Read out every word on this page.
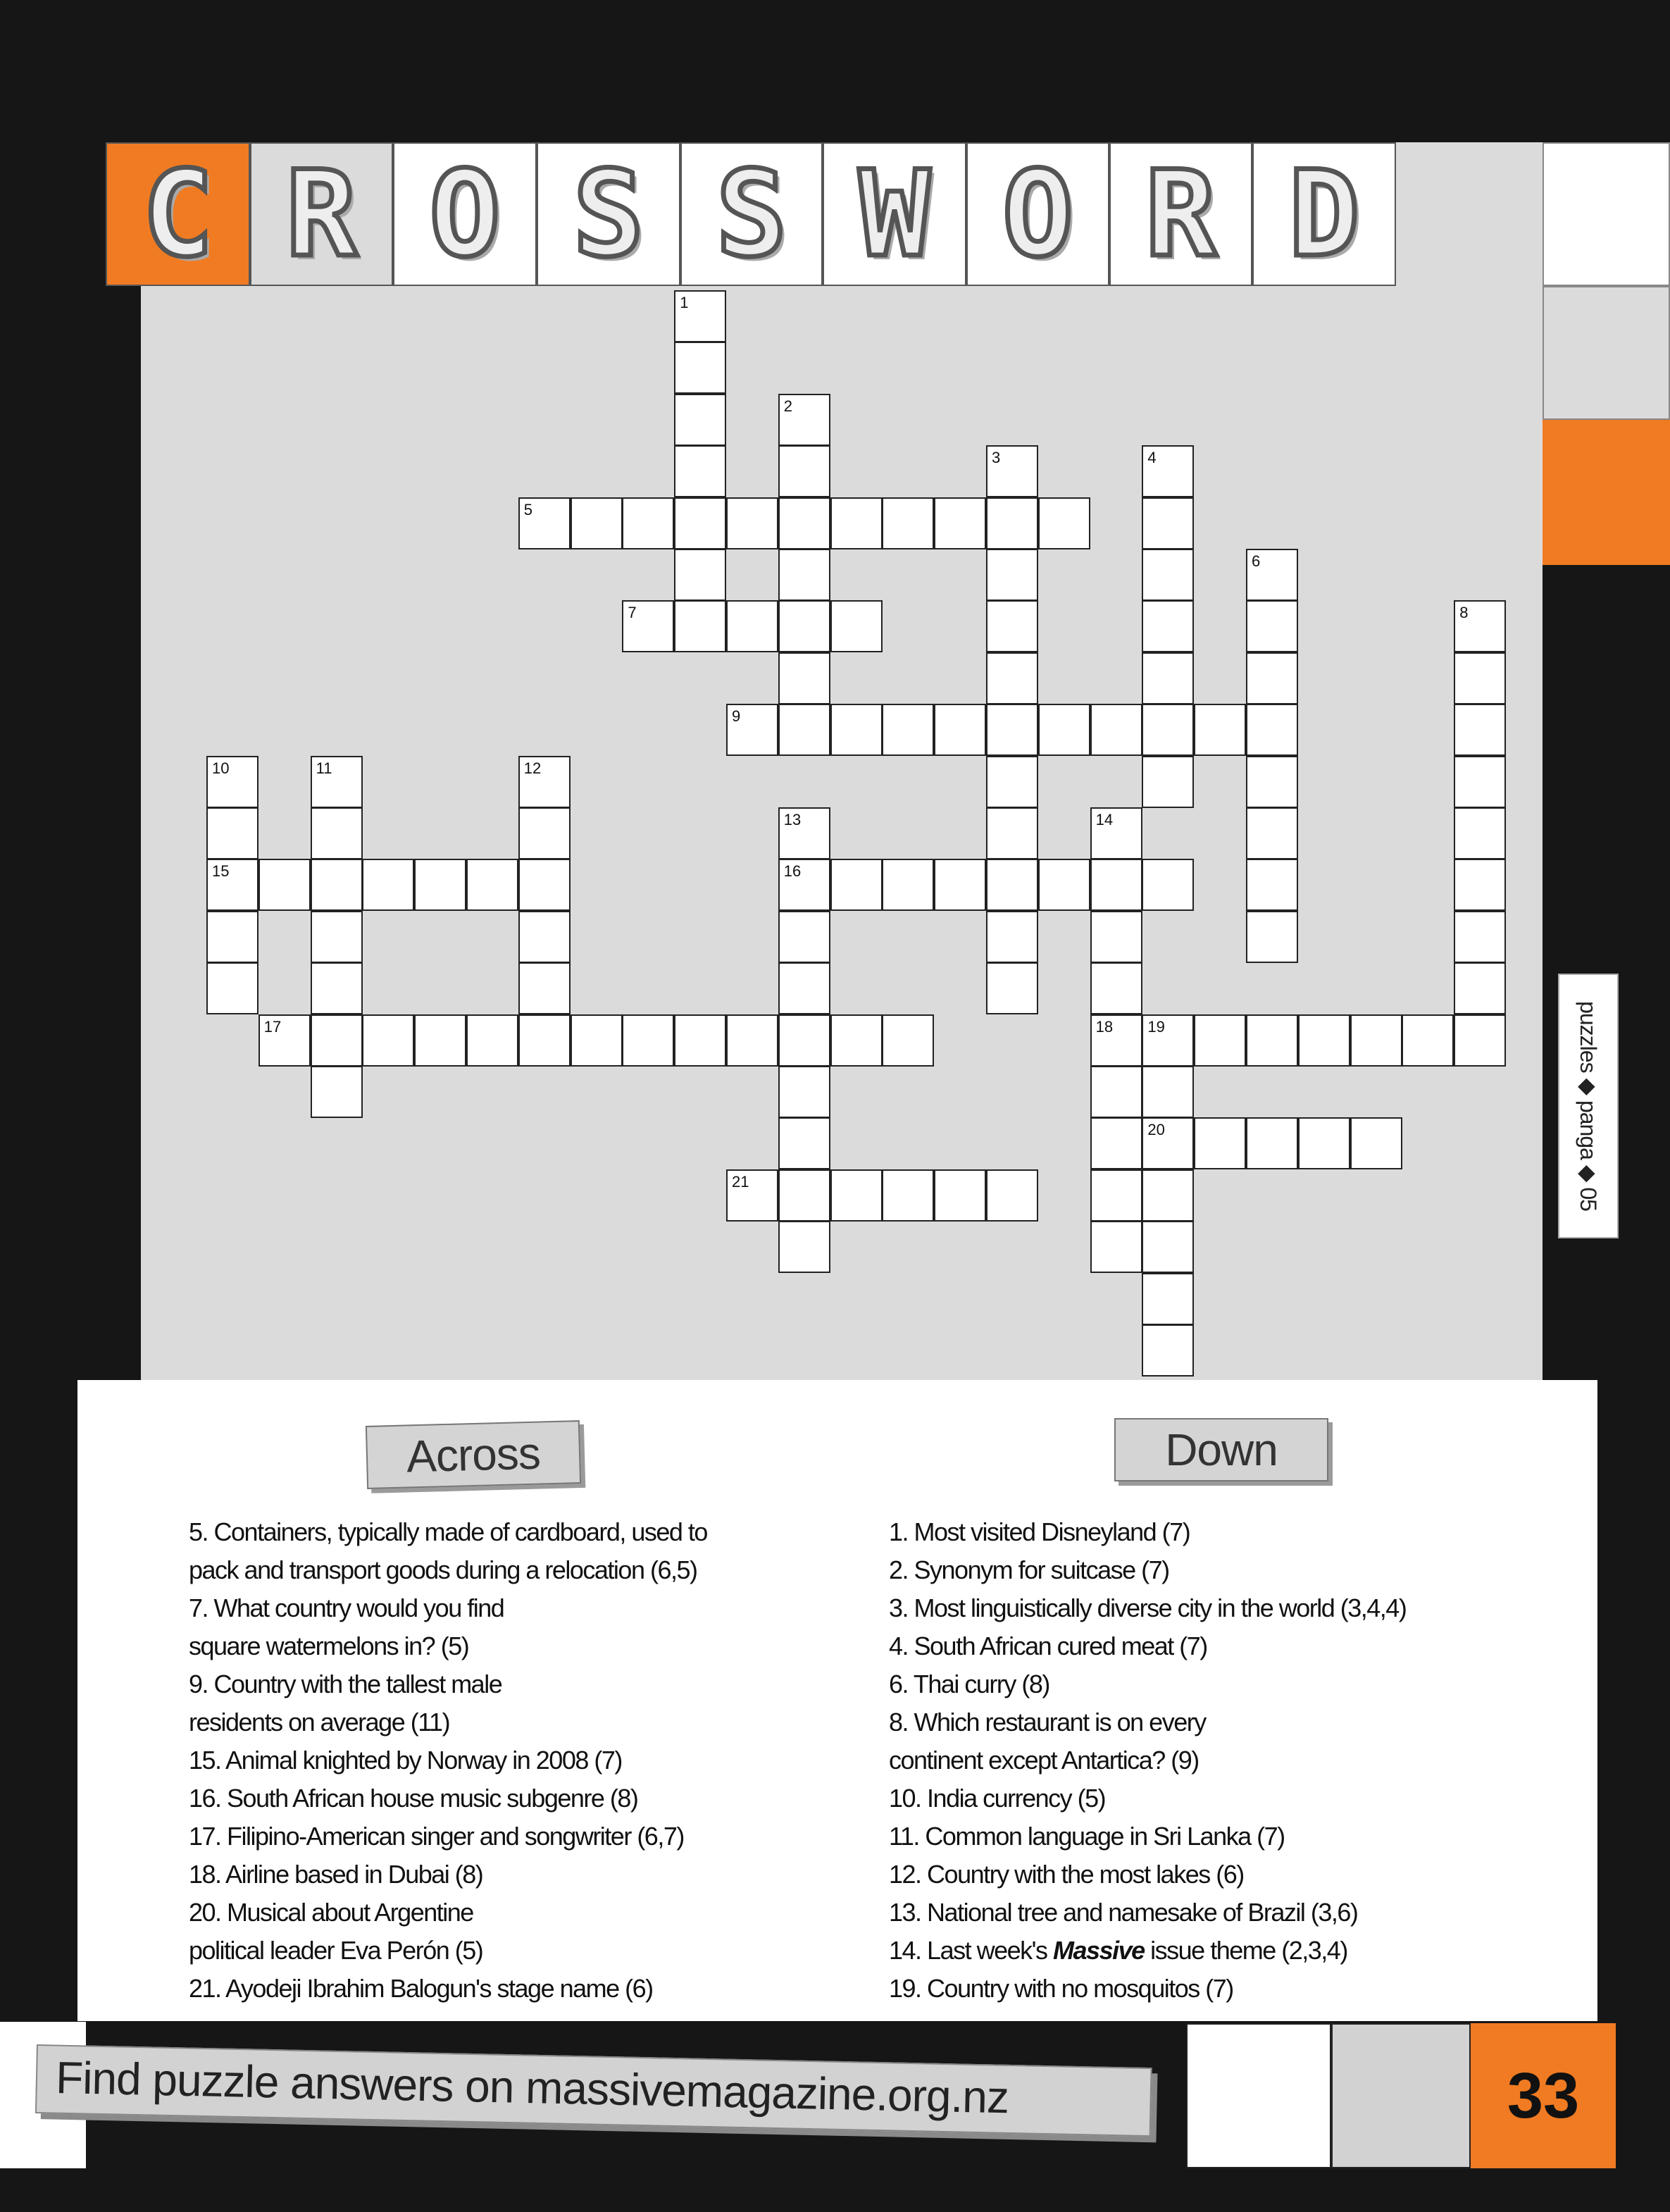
C R O S S W O R D
1
2
3	4
5
6
7	8
9
10
15
11	12
13
16
14
18
17	19
20
21	puzzles ◆ panga ◆ 05
Across	Down
5. Containers, typically made of cardboard, used to
pack and transport goods during a relocation (6,5)
7. What country would you find
square watermelons in? (5)
9. Country with the tallest male
residents on average (11)
15. Animal knighted by Norway in 2008 (7)
16. South African house music subgenre (8)
17. Filipino-American singer and songwriter (6,7)
18. Airline based in Dubai (8)
20. Musical about Argentine
political leader Eva Perón (5)
21. Ayodeji Ibrahim Balogun's stage name (6)
1. Most visited Disneyland (7)
2. Synonym for suitcase (7)
3. Most linguistically diverse city in the world (3,4,4)
4. South African cured meat (7)
6. Thai curry (8)
8. Which restaurant is on every
continent except Antartica? (9)
10. India currency (5)
11. Common language in Sri Lanka (7)
12. Country with the most lakes (6)
13. National tree and namesake of Brazil (3,6)
14. Last week's Massive issue theme (2,3,4)
19. Country with no mosquitos (7)
Find puzzle answers on massivemagazine.org.nz	33
